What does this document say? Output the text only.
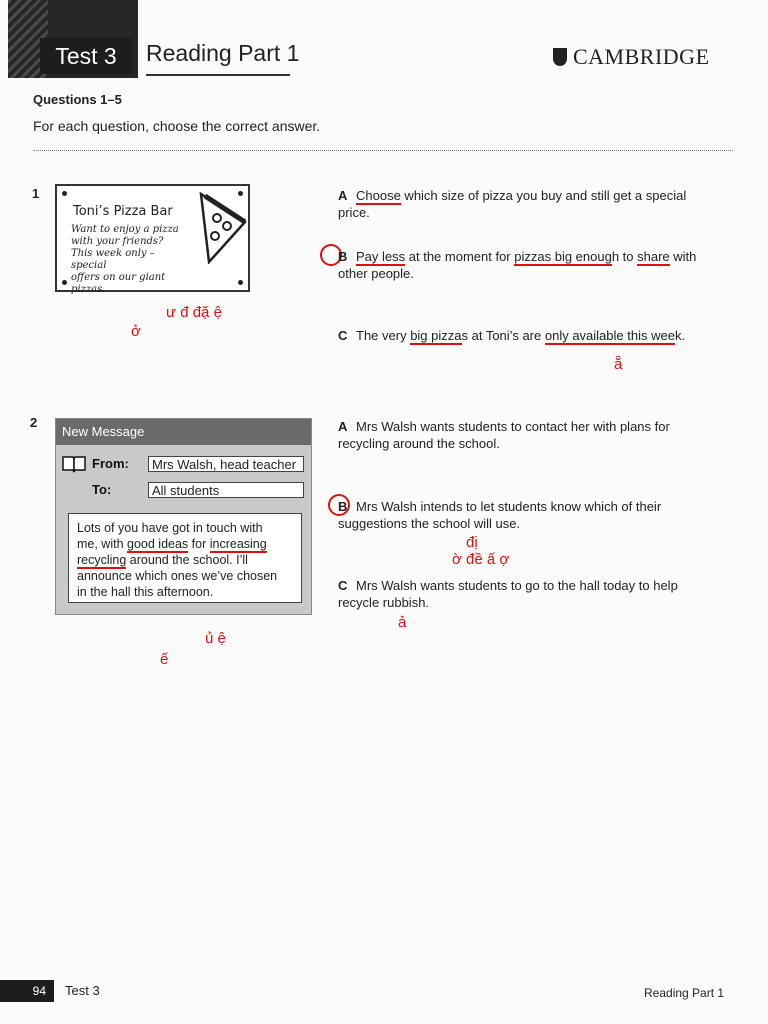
Test 3	Reading Part 1	CAMBRIDGE
Questions 1–5
For each question, choose the correct answer.
1
Toni’s Pizza Bar
Want to enjoy a pizza
with your friends?
This week only – special
offers on our giant pizzas.
ư đ đặ ệ
ở
A Choose which size of pizza you buy and still get a special price.
B Pay less at the moment for pizzas big enough to share with other people.
C The very big pizzas at Toni’s are only available this week.
ẵ
2
New Message
From:	Mrs Walsh, head teacher
To:	All students
Lots of you have got in touch with
me, with good ideas for increasing
recycling around the school. I’ll
announce which ones we’ve chosen
in the hall this afternoon.
ủ ệ
ế
A Mrs Walsh wants students to contact her with plans for recycling around the school.
B Mrs Walsh intends to let students know which of their suggestions the school will use.
đị
ờ đề ấ ợ
C Mrs Walsh wants students to go to the hall today to help recycle rubbish.
ả
94	Test 3	Reading Part 1
